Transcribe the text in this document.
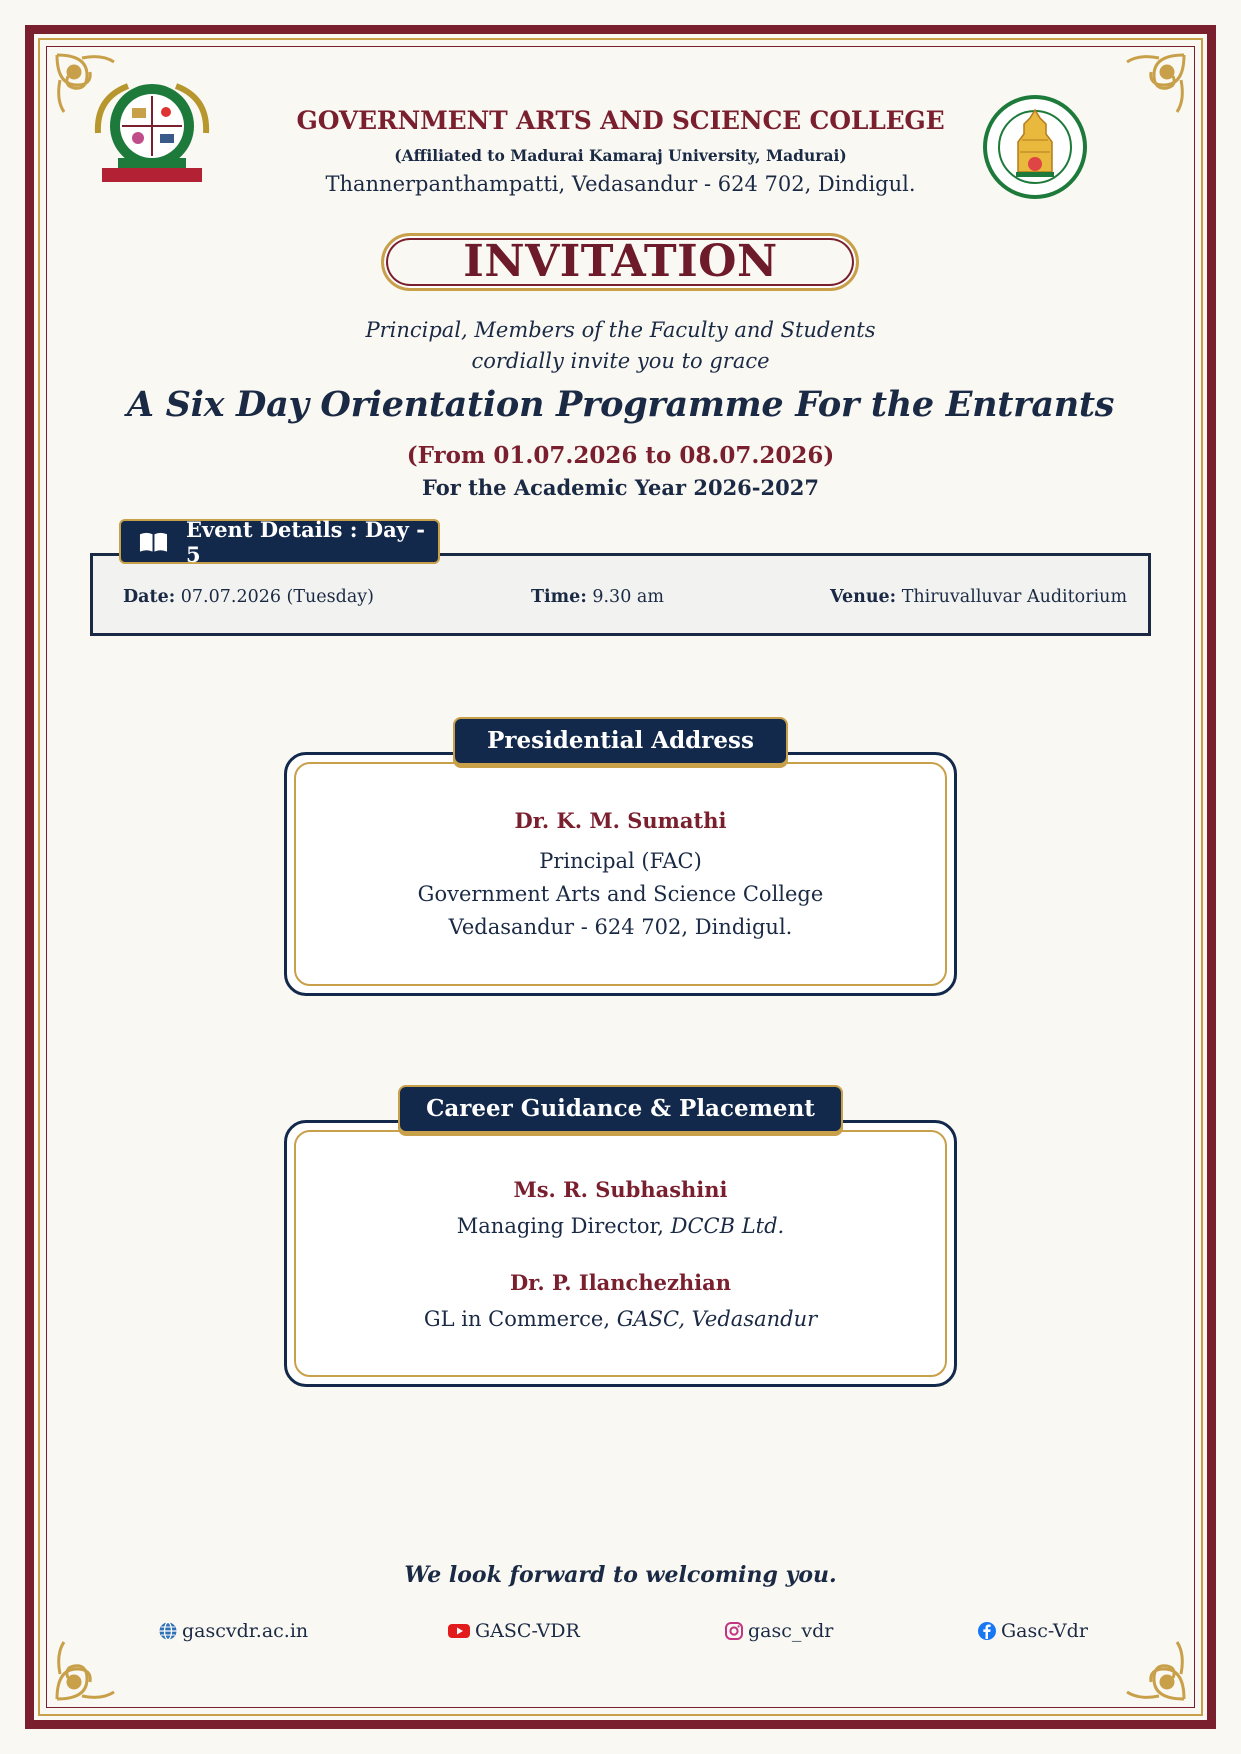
GOVERNMENT ARTS AND SCIENCE COLLEGE
(Affiliated to Madurai Kamaraj University, Madurai)
Thannerpanthampatti, Vedasandur - 624 702, Dindigul.
INVITATION
Principal, Members of the Faculty and Students
cordially invite you to grace
A Six Day Orientation Programme For the Entrants
(From 01.07.2026 to 08.07.2026)
For the Academic Year 2026-2027
Event Details : Day - 5
Date: 07.07.2026 (Tuesday)	Time: 9.30 am	Venue: Thiruvalluvar Auditorium
Presidential Address
Dr. K. M. Sumathi
Principal (FAC)
Government Arts and Science College
Vedasandur - 624 702, Dindigul.
Career Guidance & Placement
Ms. R. Subhashini
Managing Director, DCCB Ltd.
Dr. P. Ilanchezhian
GL in Commerce, GASC, Vedasandur
We look forward to welcoming you.
gascvdr.ac.in	GASC-VDR	gasc_vdr	Gasc-Vdr
